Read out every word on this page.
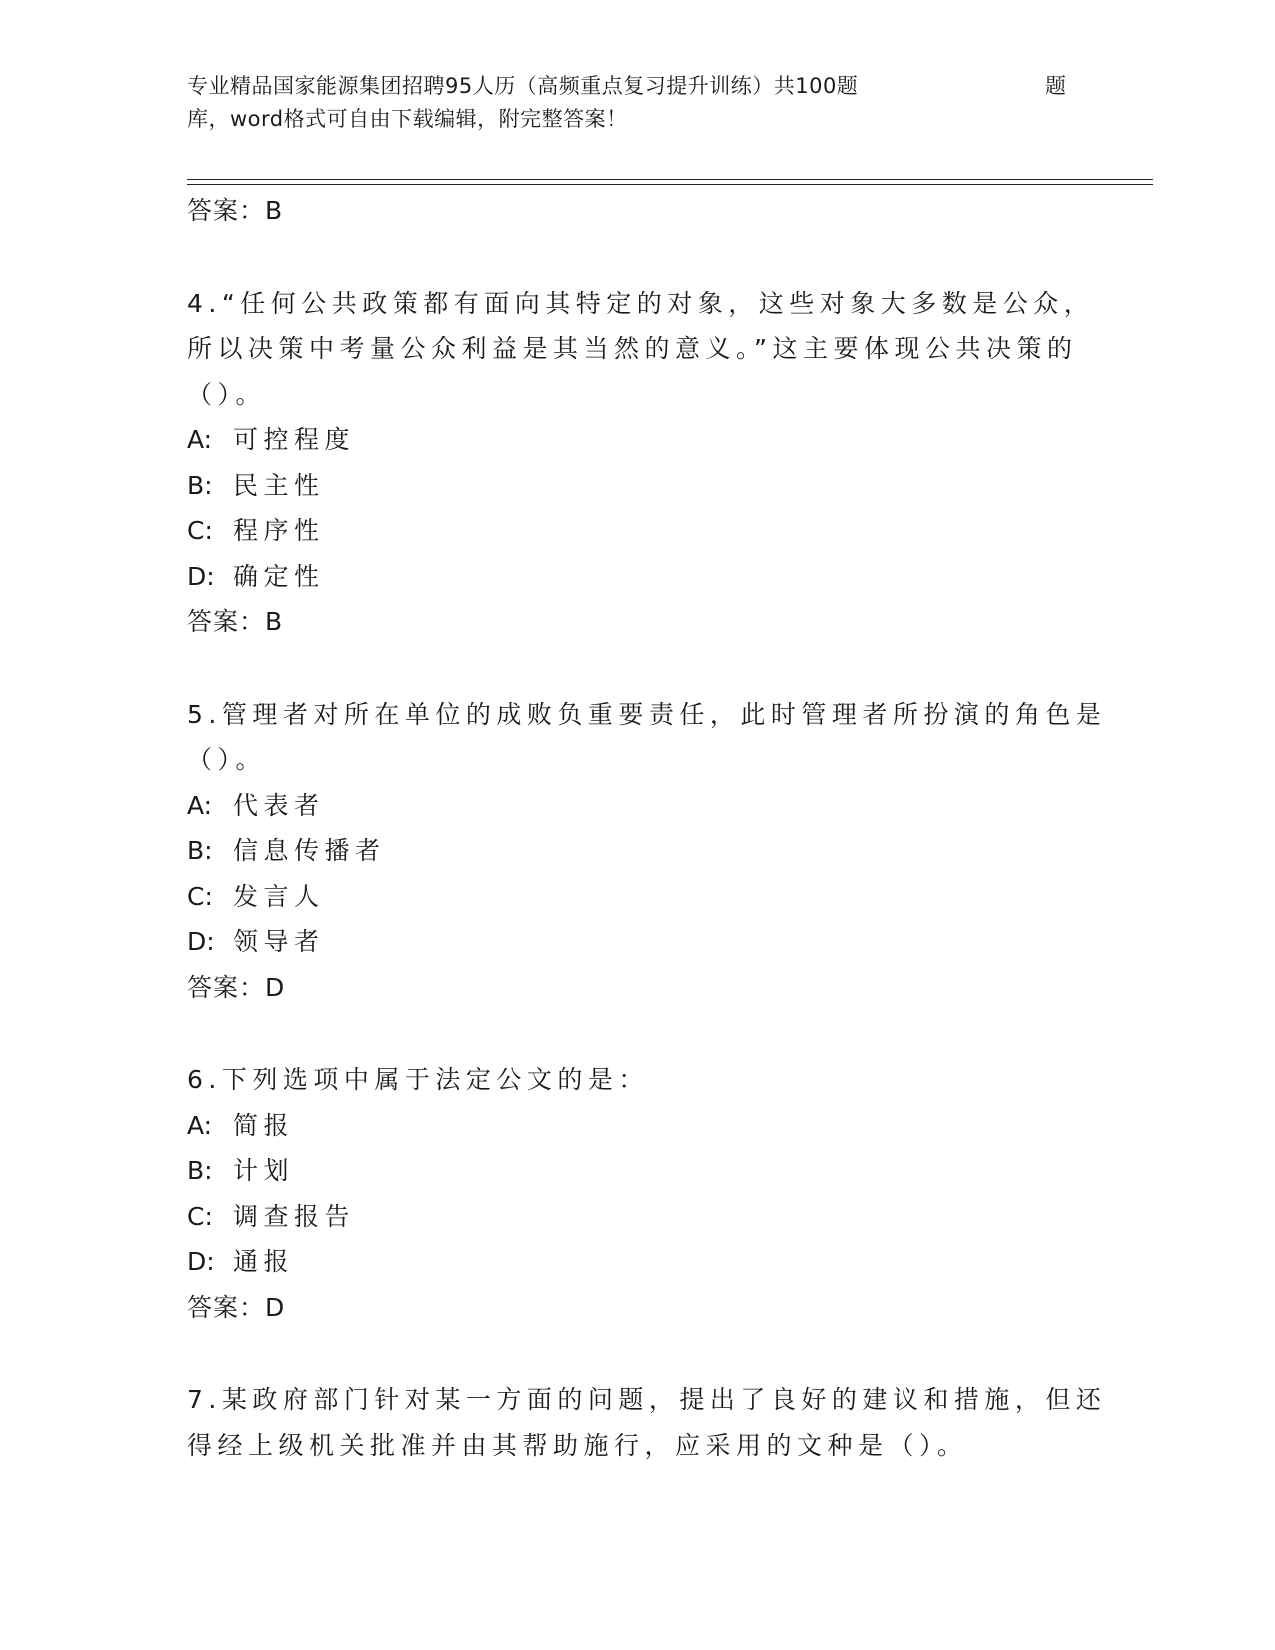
专业精品国家能源集团招聘95人历（高频重点复习提升训练）共100题	题
库，word格式可自由下载编辑，附完整答案！
答案：B
4.“任何公共政策都有面向其特定的对象，这些对象大多数是公众，
所以决策中考量公众利益是其当然的意义。”这主要体现公共决策的
（）。
A: 可控程度
B: 民主性
C: 程序性
D: 确定性
答案：B
5.管理者对所在单位的成败负重要责任，此时管理者所扮演的角色是
（）。
A: 代表者
B: 信息传播者
C: 发言人
D: 领导者
答案：D
6.下列选项中属于法定公文的是：
A: 简报
B: 计划
C: 调查报告
D: 通报
答案：D
7.某政府部门针对某一方面的问题，提出了良好的建议和措施，但还
得经上级机关批准并由其帮助施行，应采用的文种是（）。
